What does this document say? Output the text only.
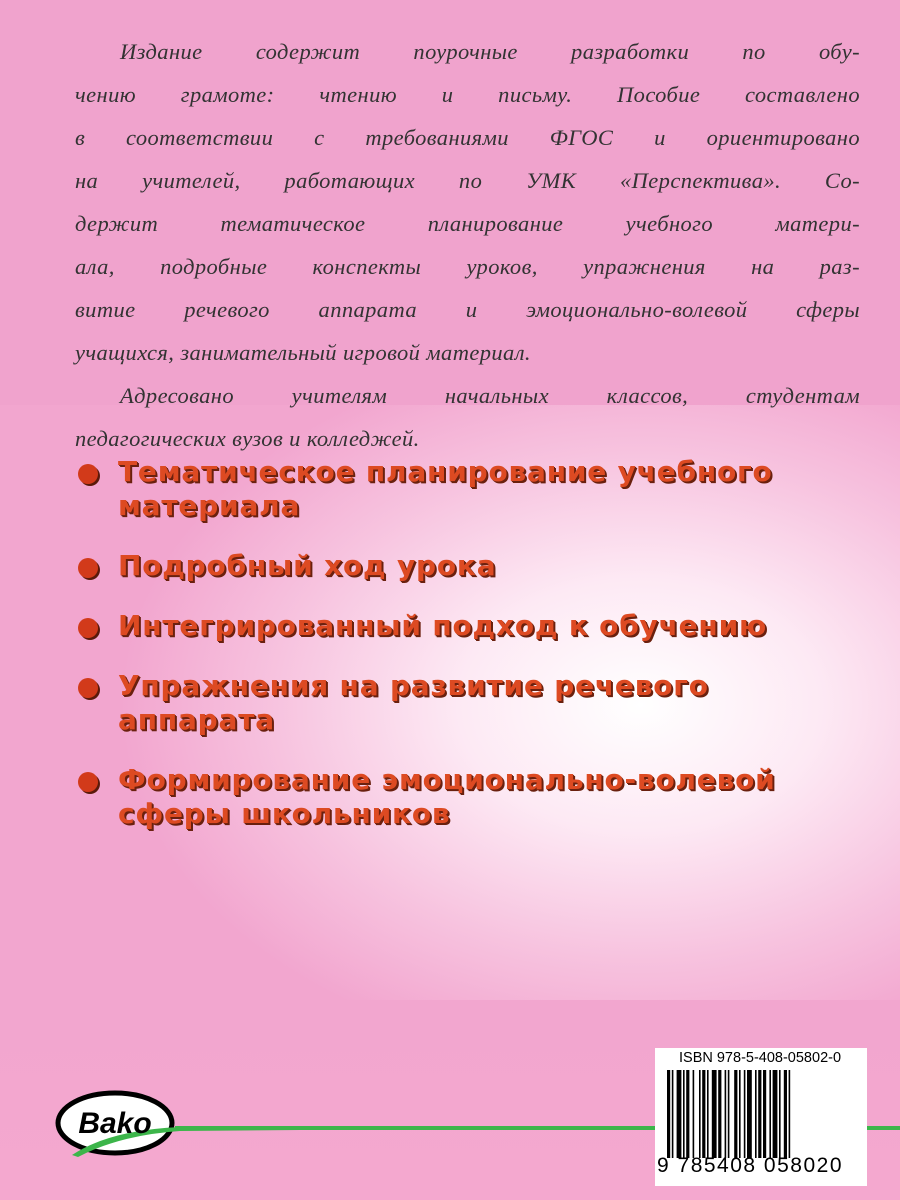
Издание содержит поурочные разработки по обу-
чению грамоте: чтению и письму. Пособие составлено
в соответствии с требованиями ФГОС и ориентировано
на учителей, работающих по УМК «Перспектива». Со-
держит тематическое планирование учебного матери-
ала, подробные конспекты уроков, упражнения на раз-
витие речевого аппарата и эмоционально-волевой сферы
учащихся, занимательный игровой материал.
Адресовано учителям начальных классов, студентам
педагогических вузов и колледжей.
Тематическое планирование учебного материала
Подробный ход урока
Интегрированный подход к обучению
Упражнения на развитие речевого аппарата
Формирование эмоционально-волевой сферы школьников
Bako
ISBN 978-5-408-05802-0
9 785408 058020
